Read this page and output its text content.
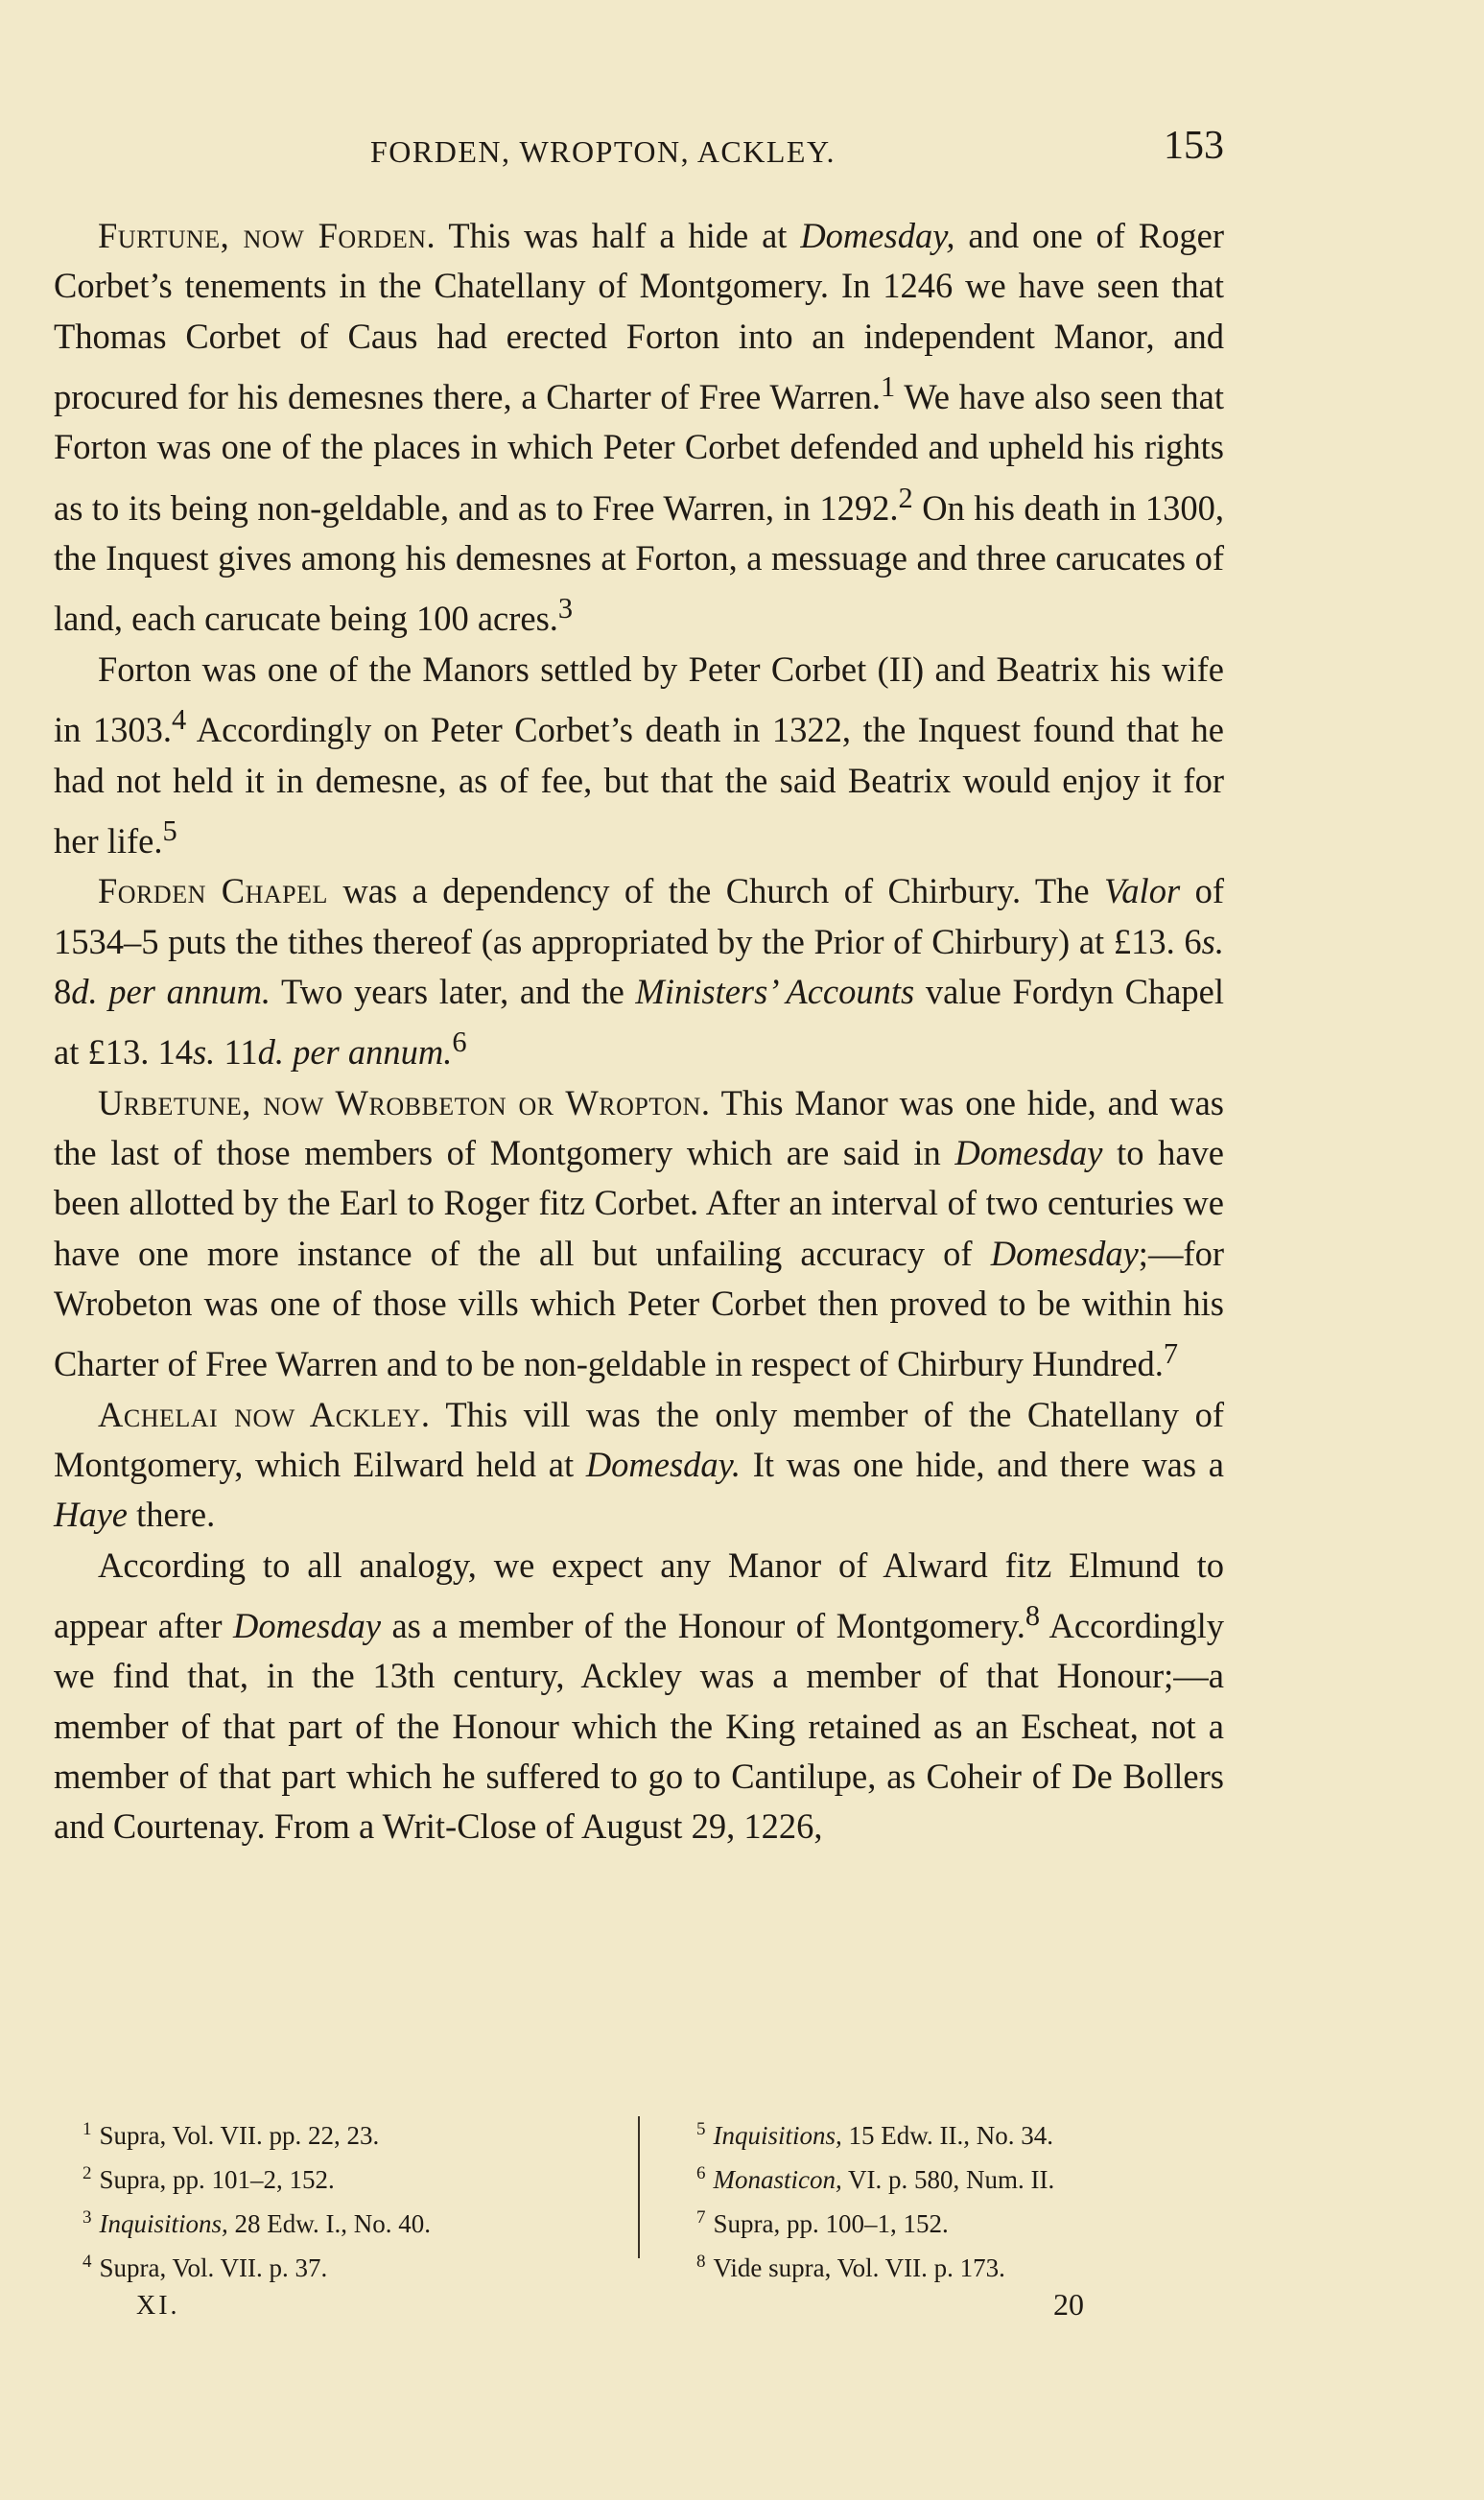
FORDEN, WROPTON, ACKLEY.	153

Furtune, now Forden. This was half a hide at Domesday, and one of Roger Corbet’s tenements in the Chatellany of Montgomery. In 1246 we have seen that Thomas Corbet of Caus had erected Forton into an independent Manor, and procured for his demesnes there, a Charter of Free Warren.$^1$ We have also seen that Forton was one of the places in which Peter Corbet defended and upheld his rights as to its being non-geldable, and as to Free Warren, in 1292.$^2$ On his death in 1300, the Inquest gives among his demesnes at Forton, a messuage and three carucates of land, each carucate being 100 acres.$^3$

Forton was one of the Manors settled by Peter Corbet (II) and Beatrix his wife in 1303.$^4$ Accordingly on Peter Corbet’s death in 1322, the Inquest found that he had not held it in demesne, as of fee, but that the said Beatrix would enjoy it for her life.$^5$

Forden Chapel was a dependency of the Church of Chirbury. The Valor of 1534–5 puts the tithes thereof (as appropriated by the Prior of Chirbury) at £13. 6s. 8d. per annum. Two years later, and the Ministers’ Accounts value Fordyn Chapel at £13. 14s. 11d. per annum.$^6$

Urbetune, now Wrobbeton or Wropton. This Manor was one hide, and was the last of those members of Montgomery which are said in Domesday to have been allotted by the Earl to Roger fitz Corbet. After an interval of two centuries we have one more instance of the all but unfailing accuracy of Domesday;—for Wrobeton was one of those vills which Peter Corbet then proved to be within his Charter of Free Warren and to be non-geldable in respect of Chirbury Hundred.$^7$

Achelai now Ackley. This vill was the only member of the Chatellany of Montgomery, which Eilward held at Domesday. It was one hide, and there was a Haye there.

According to all analogy, we expect any Manor of Alward fitz Elmund to appear after Domesday as a member of the Honour of Montgomery.$^8$ Accordingly we find that, in the 13th century, Ackley was a member of that Honour;—a member of that part of the Honour which the King retained as an Escheat, not a member of that part which he suffered to go to Cantilupe, as Coheir of De Bollers and Courtenay. From a Writ-Close of August 29, 1226,

$^1$ Supra, Vol. VII. pp. 22, 23.
$^2$ Supra, pp. 101–2, 152.
$^3$ Inquisitions, 28 Edw. I., No. 40.
$^4$ Supra, Vol. VII. p. 37.
$^5$ Inquisitions, 15 Edw. II., No. 34.
$^6$ Monasticon, VI. p. 580, Num. II.
$^7$ Supra, pp. 100–1, 152.
$^8$ Vide supra, Vol. VII. p. 173.
XI.	20
